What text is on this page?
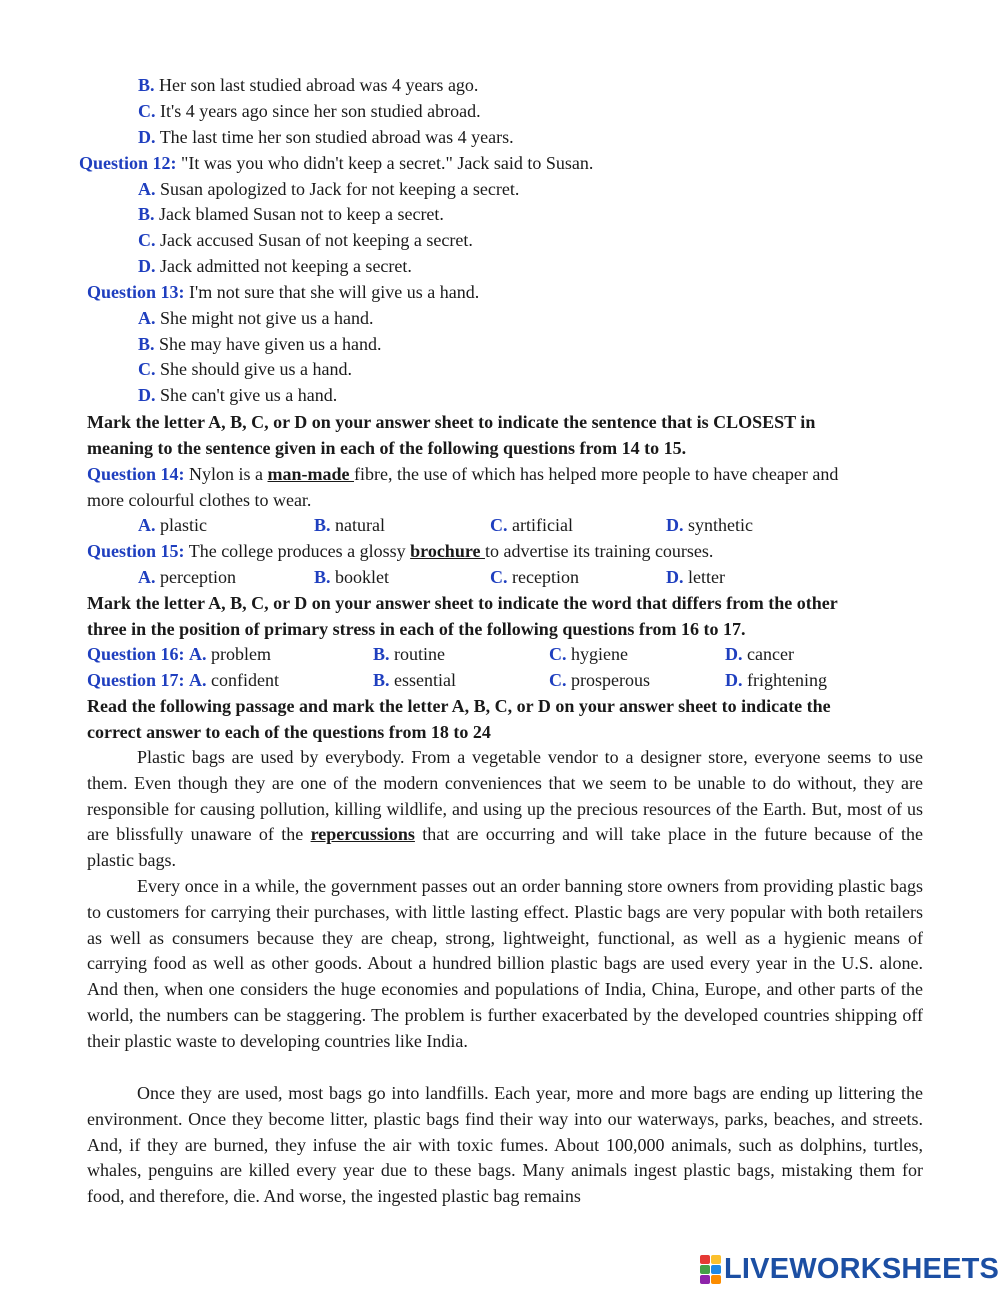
B. Her son last studied abroad was 4 years ago.
C. It's 4 years ago since her son studied abroad.
D. The last time her son studied abroad was 4 years.
Question 12: "It was you who didn't keep a secret." Jack said to Susan.
A. Susan apologized to Jack for not keeping a secret.
B. Jack blamed Susan not to keep a secret.
C. Jack accused Susan of not keeping a secret.
D. Jack admitted not keeping a secret.
Question 13: I'm not sure that she will give us a hand.
A. She might not give us a hand.
B. She may have given us a hand.
C. She should give us a hand.
D. She can't give us a hand.
Mark the letter A, B, C, or D on your answer sheet to indicate the sentence that is CLOSEST in
meaning to the sentence given in each of the following questions from 14 to 15.
Question 14: Nylon is a man-made fibre, the use of which has helped more people to have cheaper and
more colourful clothes to wear.
A. plastic	B. natural	C. artificial	D. synthetic
Question 15: The college produces a glossy brochure to advertise its training courses.
A. perception	B. booklet	C. reception	D. letter
Mark the letter A, B, C, or D on your answer sheet to indicate the word that differs from the other
three in the position of primary stress in each of the following questions from 16 to 17.
Question 16: A. problem	B. routine	C. hygiene	D. cancer
Question 17: A. confident	B. essential	C. prosperous	D. frightening
Read the following passage and mark the letter A, B, C, or D on your answer sheet to indicate the
correct answer to each of the questions from 18 to 24

Plastic bags are used by everybody. From a vegetable vendor to a designer store, everyone seems to use them. Even though they are one of the modern conveniences that we seem to be unable to do without, they are responsible for causing pollution, killing wildlife, and using up the precious resources of the Earth. But, most of us are blissfully unaware of the repercussions that are occurring and will take place in the future because of the plastic bags.

Every once in a while, the government passes out an order banning store owners from providing plastic bags to customers for carrying their purchases, with little lasting effect. Plastic bags are very popular with both retailers as well as consumers because they are cheap, strong, lightweight, functional, as well as a hygienic means of carrying food as well as other goods. About a hundred billion plastic bags are used every year in the U.S. alone. And then, when one considers the huge economies and populations of India, China, Europe, and other parts of the world, the numbers can be staggering. The problem is further exacerbated by the developed countries shipping off their plastic waste to developing countries like India.

Once they are used, most bags go into landfills. Each year, more and more bags are ending up littering the environment. Once they become litter, plastic bags find their way into our waterways, parks, beaches, and streets. And, if they are burned, they infuse the air with toxic fumes. About 100,000 animals, such as dolphins, turtles, whales, penguins are killed every year due to these bags. Many animals ingest plastic bags, mistaking them for food, and therefore, die. And worse, the ingested plastic bag remains

LIVEWORKSHEETS
